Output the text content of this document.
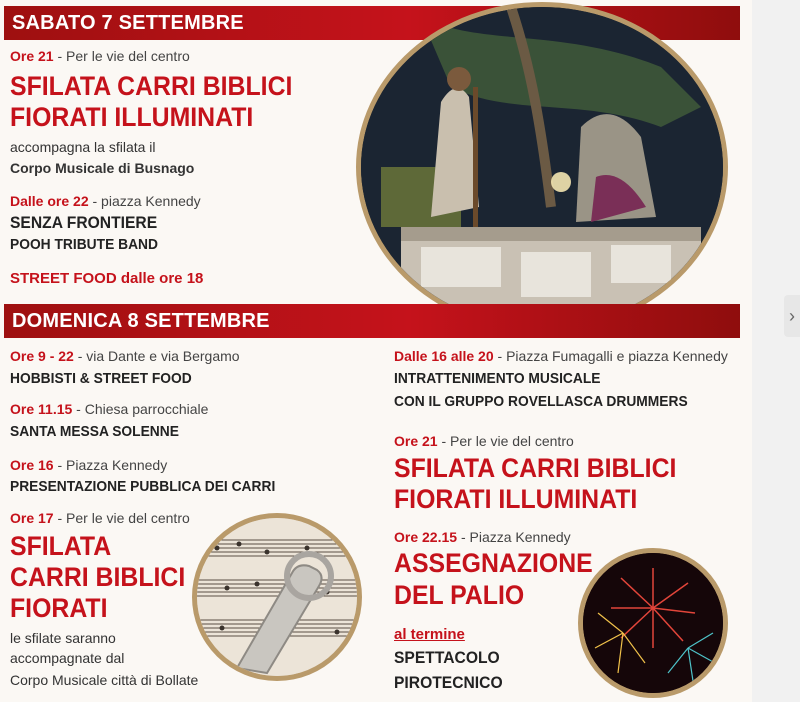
SABATO 7 SETTEMBRE
Ore 21 - Per le vie del centro
SFILATA CARRI BIBLICI
FIORATI ILLUMINATI
accompagna la sfilata il
Corpo Musicale di Busnago
Dalle ore 22 - piazza Kennedy
SENZA FRONTIERE
POOH TRIBUTE BAND
STREET FOOD dalle ore 18
DOMENICA 8 SETTEMBRE
Ore 9 - 22 - via Dante e via Bergamo
HOBBISTI & STREET FOOD
Ore 11.15 - Chiesa parrocchiale
SANTA MESSA SOLENNE
Ore 16 - Piazza Kennedy
PRESENTAZIONE PUBBLICA DEI CARRI
Ore 17 - Per le vie del centro
SFILATA
CARRI BIBLICI
FIORATI
le sfilate saranno
accompagnate dal
Corpo Musicale città di Bollate
Dalle 16 alle 20 - Piazza Fumagalli e piazza Kennedy
INTRATTENIMENTO MUSICALE
CON IL GRUPPO ROVELLASCA DRUMMERS
Ore 21 - Per le vie del centro
SFILATA CARRI BIBLICI
FIORATI ILLUMINATI
Ore 22.15 - Piazza Kennedy
ASSEGNAZIONE
DEL PALIO
al termine
SPETTACOLO
PIROTECNICO
›
